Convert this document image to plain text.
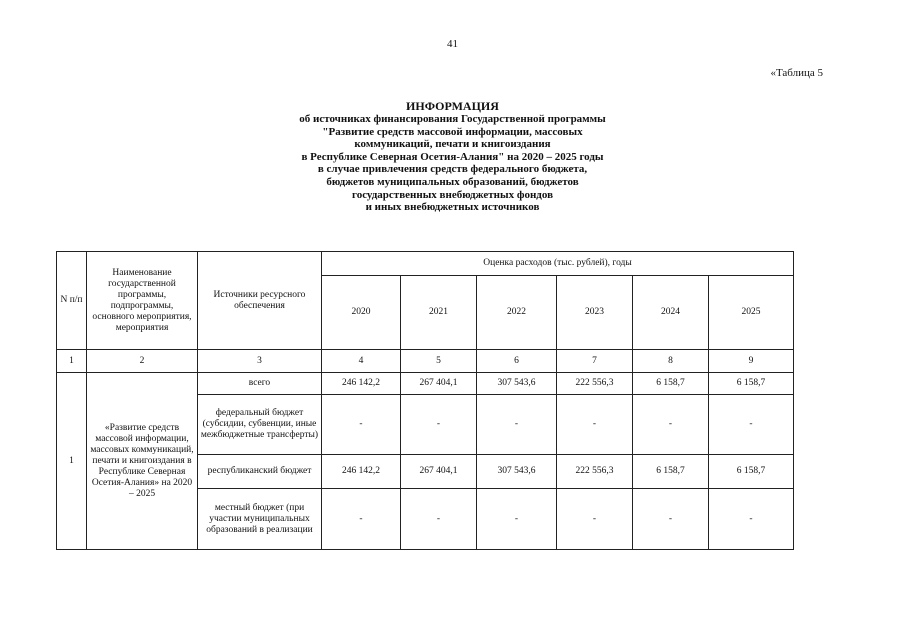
41
«Таблица 5
ИНФОРМАЦИЯ
об источниках финансирования Государственной программы
"Развитие средств массовой информации, массовых
коммуникаций, печати и книгоиздания
в Республике Северная Осетия-Алания" на 2020 – 2025 годы
в случае привлечения средств федерального бюджета,
бюджетов муниципальных образований, бюджетов
государственных внебюджетных фондов
и иных внебюджетных источников
N п/п	Наименование государственной программы, подпрограммы, основного мероприятия, мероприятия	Источники ресурсного обеспечения	Оценка расходов (тыс. рублей), годы					
			2020	2021	2022	2023	2024	2025
1	2	3	4	5	6	7	8	9
1	«Развитие средств массовой информации, массовых коммуникаций, печати и книгоиздания в Республике Северная Осетия-Алания» на 2020 – 2025	всего	246 142,2	267 404,1	307 543,6	222 556,3	6 158,7	6 158,7
		федеральный бюджет (субсидии, субвенции, иные межбюджетные трансферты)	-	-	-	-	-	-
		республиканский бюджет	246 142,2	267 404,1	307 543,6	222 556,3	6 158,7	6 158,7
		местный бюджет (при участии муниципальных образований в реализации	-	-	-	-	-	-
